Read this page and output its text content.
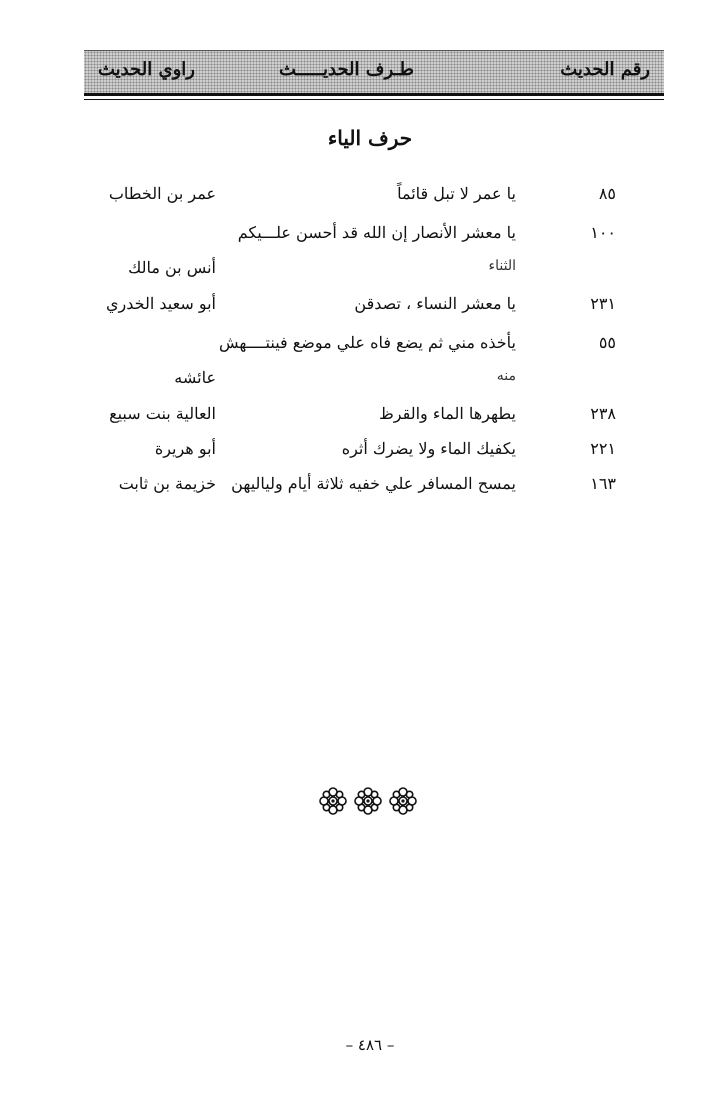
رقم الحديث
طـرف الحديـــــث
راوي الحديث
حرف الياء
٨٥
يا عمر لا تبل قائماً
عمر بن الخطاب
١٠٠
يا معشر الأنصار إن الله قد أحسن علـــيكم
الثناء
أنس بن مالك
٢٣١
يا معشر النساء ، تصدقن
أبو سعيد الخدري
٥٥
يأخذه مني ثم يضع فاه علي موضع فينتــــهش
منه
عائشه
٢٣٨
يطهرها الماء والقرظ
العالية بنت سبيع
٢٢١
يكفيك الماء ولا يضرك أثره
أبو هريرة
١٦٣
يمسح المسافر علي خفيه ثلاثة أيام ولياليهن
خزيمة بن ثابت
– ٤٨٦ –
